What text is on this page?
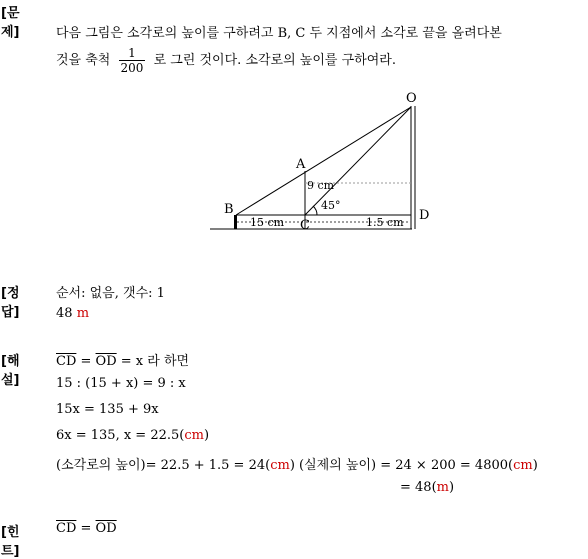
[문제]	다음 그림은 소각로의 높이를 구하려고 B, C 두 지점에서 소각로 끝을 올려다본
것을 축척 $\frac{1}{200}$ 로 그린 것이다. 소각로의 높이를 구하여라.
O
A
B
C
D
9 cm
45°
15 cm	1.5 cm
[정답]
순서: 없음, 갯수: 1
48 m
[해설]
$\overline{CD} = \overline{OD} = x$ 라 하면
15 : (15 + x) = 9 : x
15x = 135 + 9x
6x = 135, x = 22.5(cm)
(소각로의 높이)= 22.5 + 1.5 = 24(cm) (실제의 높이) = 24 × 200 = 4800(cm)
= 48(m)
[힌트]
$\overline{CD} = \overline{OD}$
